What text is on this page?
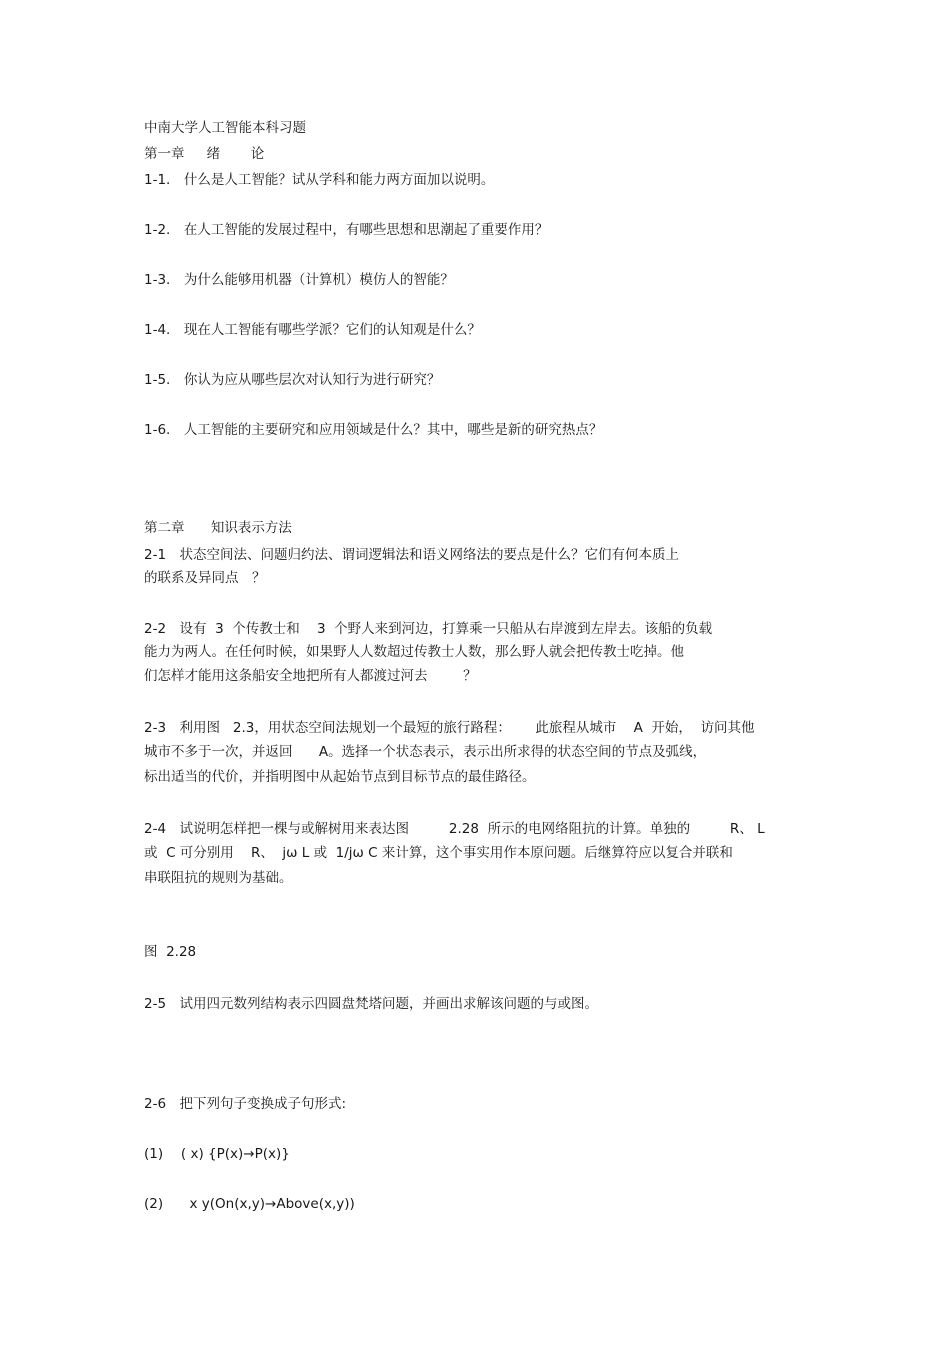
中南大学人工智能本科习题
第一章　  绪　    论
1-1.　什么是人工智能？试从学科和能力两方面加以说明。
1-2.　在人工智能的发展过程中，有哪些思想和思潮起了重要作用？
1-3.　为什么能够用机器（计算机）模仿人的智能？
1-4.　现在人工智能有哪些学派？它们的认知观是什么？
1-5.　你认为应从哪些层次对认知行为进行研究？
1-6.　人工智能的主要研究和应用领域是什么？其中，哪些是新的研究热点？
第二章　   知识表示方法
2-1　状态空间法、问题归约法、谓词逻辑法和语义网络法的要点是什么？它们有何本质上
的联系及异同点　？
2-2　设有  3  个传教士和    3  个野人来到河边，打算乘一只船从右岸渡到左岸去。该船的负载
能力为两人。在任何时候，如果野人人数超过传教士人数，那么野人就会把传教士吃掉。他
们怎样才能用这条船安全地把所有人都渡过河去　　  ？
2-3　利用图   2.3，用状态空间法规划一个最短的旅行路程：　　 此旅程从城市    A  开始，  访问其他
城市不多于一次，并返回　   A。选择一个状态表示，表示出所求得的状态空间的节点及弧线，
标出适当的代价，并指明图中从起始节点到目标节点的最佳路径。
2-4　试说明怎样把一棵与或解树用来表达图　　   2.28  所示的电网络阻抗的计算。单独的　　   R、 L
或  C 可分别用    R、  jω L 或  1/jω C 来计算，这个事实用作本原问题。后继算符应以复合并联和
串联阻抗的规则为基础。
图  2.28
2-5　试用四元数列结构表示四圆盘梵塔问题，并画出求解该问题的与或图。
2-6　把下列句子变换成子句形式:
(1)　 ( x) {P(x)→P(x)}
(2)　   x y(On(x,y)→Above(x,y))
